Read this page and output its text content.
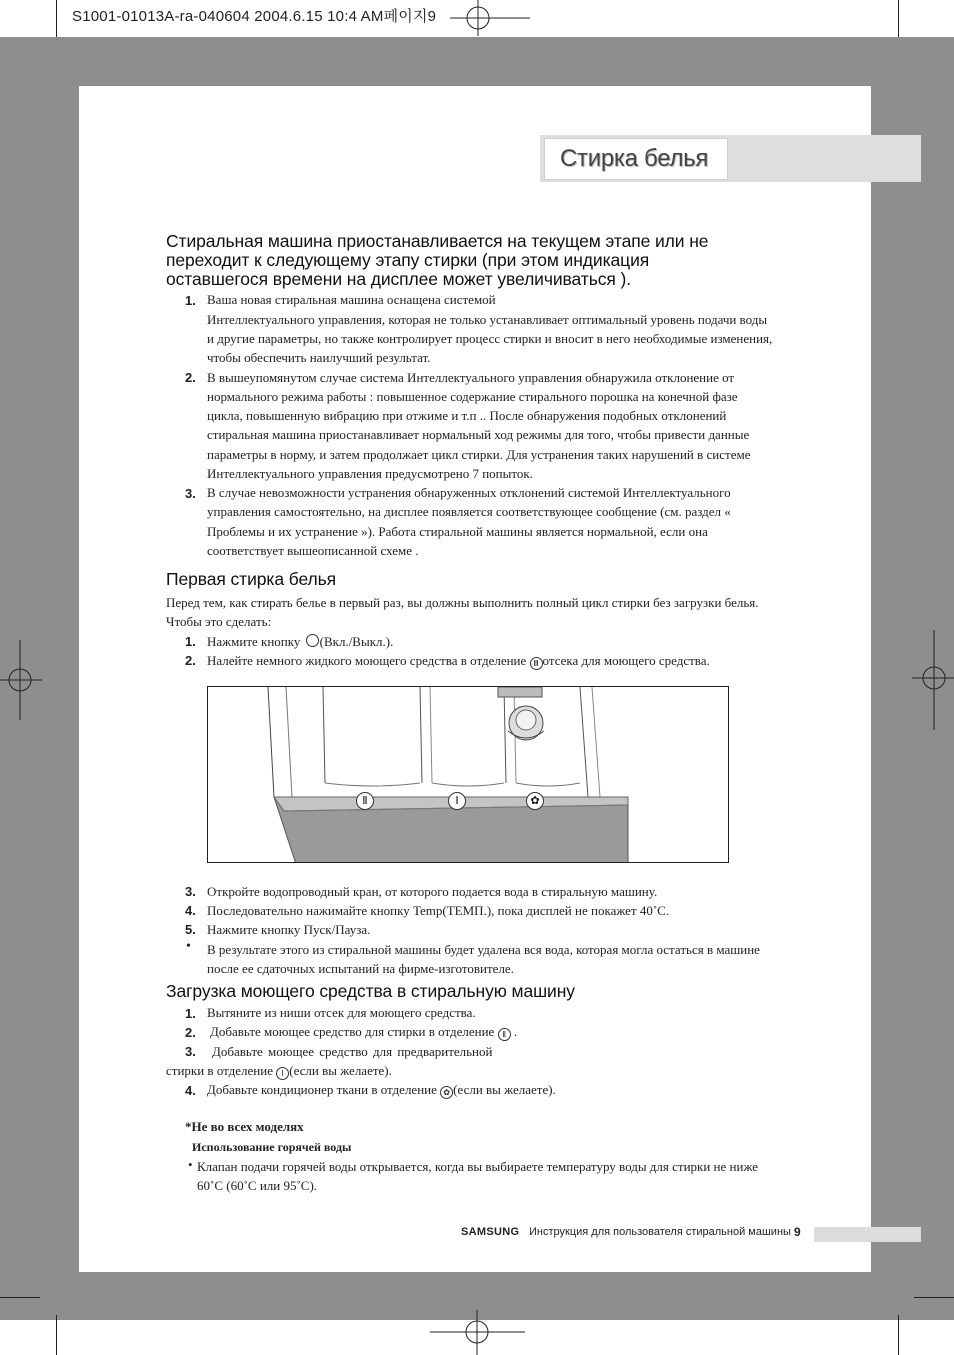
S1001-01013A-ra-040604 2004.6.15 10:4 AM페이지9
Стирка белья
Стиральная машина приостанавливается на текущем этапе или не
переходит к следующему этапу стирки (при этом индикация
оставшегося времени на дисплее может увеличиваться ).
1. Ваша новая стиральная машина оснащена системой
Интеллектуального управления, которая не только устанавливает оптимальный уровень подачи воды
и другие параметры, но также контролирует процесс стирки и вносит в него необходимые изменения,
чтобы обеспечить наилучший результат.
2. В вышеупомянутом случае система Интеллектуального управления обнаружила отклонение от
нормального режима работы : повышенное содержание стирального порошка на конечной фазе
цикла, повышенную вибрацию при отжиме и т.п .. После обнаружения подобных отклонений
стиральная машина приостанавливает нормальный ход режимы для того, чтобы привести данные
параметры в норму, и затем продолжает цикл стирки. Для устранения таких нарушений в системе
Интеллектуального управления предусмотрено 7 попыток.
3. В случае невозможности устранения обнаруженных отклонений системой Интеллектуального
управления самостоятельно, на дисплее появляется соответствующее сообщение (см. раздел «
Проблемы и их устранение »). Работа стиральной машины является нормальной, если она
соответствует вышеописанной схеме .
Первая стирка белья
Перед тем, как стирать белье в первый раз, вы должны выполнить полный цикл стирки без загрузки белья.
Чтобы это сделать:
1. Нажмите кнопку (Вкл./Выкл.).
2. Налейте немного жидкого моющего средства в отделение Ⅲ отсека для моющего средства.
Ⅱ	Ⅰ	✿
3. Откройте водопроводный кран, от которого подается вода в стиральную машину.
4. Последовательно нажимайте кнопку Temp(ТЕМП.), пока дисплей не покажет 40˚C.
5. Нажмите кнопку Пуск/Пауза.
• В результате этого из стиральной машины будет удалена вся вода, которая могла остаться в машине
после ее сдаточных испытаний на фирме-изготовителе.
Загрузка моющего средства в стиральную машину
1. Вытяните из ниши отсек для моющего средства.
2. Добавьте моющее средство для стирки в отделение Ⅱ .
3. Добавьте моющее средство для предварительной
стирки в отделение Ⅰ (если вы желаете).
4. Добавьте кондиционер ткани в отделение ✿ (если вы желаете).
*Не во всех моделях
Использование горячей воды
• Клапан подачи горячей воды открывается, когда вы выбираете температуру воды для стирки не ниже
60˚C (60˚C или 95˚C).
SAMSUNG Инструкция для пользователя стиральной машины 9
